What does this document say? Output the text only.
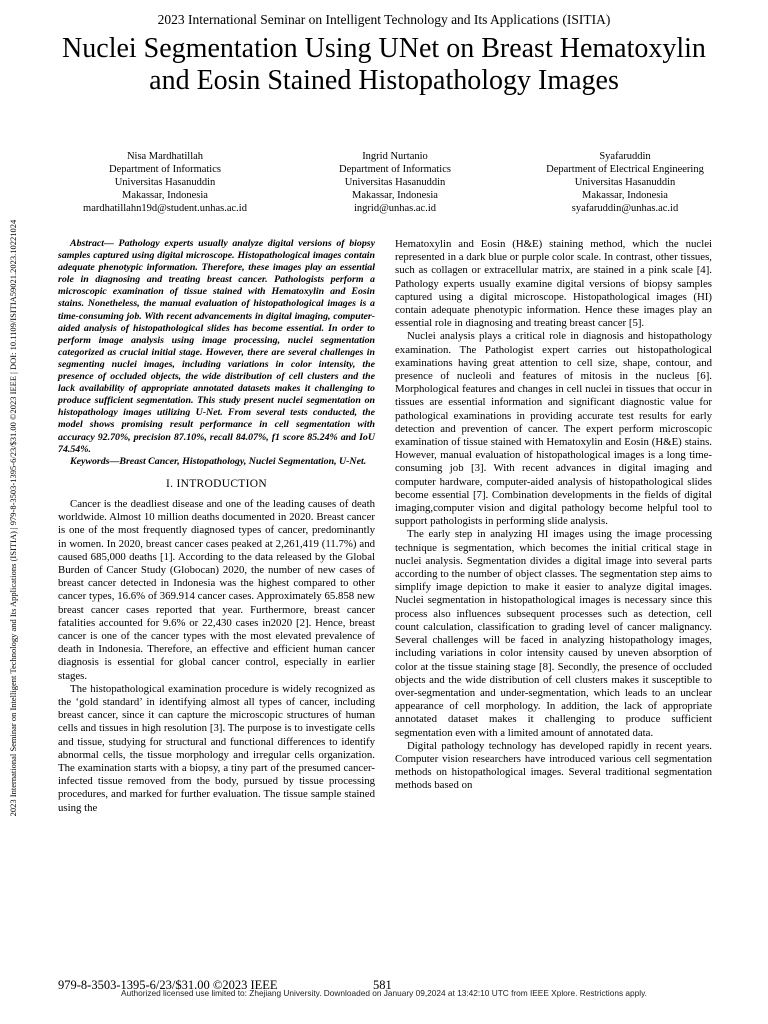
2023 International Seminar on Intelligent Technology and Its Applications (ISITIA)
Nuclei Segmentation Using UNet on Breast Hematoxylin and Eosin Stained Histopathology Images
Nisa Mardhatillah
Department of Informatics
Universitas Hasanuddin
Makassar, Indonesia
mardhatillahn19d@student.unhas.ac.id
Ingrid Nurtanio
Department of Informatics
Universitas Hasanuddin
Makassar, Indonesia
ingrid@unhas.ac.id
Syafaruddin
Department of Electrical Engineering
Universitas Hasanuddin
Makassar, Indonesia
syafaruddin@unhas.ac.id
2023 International Seminar on Intelligent Technology and Its Applications (ISITIA) | 979-8-3503-1395-6/23/$31.00 ©2023 IEEE | DOI: 10.1109/ISITIA59021.2023.10221024	Abstract— Pathology experts usually analyze digital versions of biopsy samples captured using digital microscope. Histopathological images contain adequate phenotypic information. Therefore, these images play an essential role in diagnosing and treating breast cancer. Pathologists perform a microscopic examination of tissue stained with Hematoxylin and Eosin stains. Nonetheless, the manual evaluation of histopathological images is a time-consuming job. With recent advancements in digital imaging, computer-aided analysis of histopathological slides has become essential. In order to perform image analysis using image processing, nuclei segmentation categorized as crucial initial stage. However, there are several challenges in segmenting nuclei images, including variations in color intensity, the presence of occluded objects, the wide distribution of cell clusters and the lack availability of appropriate annotated datasets makes it challenging to produce sufficient segmentation. This study present nuclei segmentation on histopathology images utilizing U-Net. From several tests conducted, the model shows promising result performance in cell segmentation with accuracy 92.70%, precision 87.10%, recall 84.07%, f1 score 85.24% and IoU 74.54%.

Keywords—Breast Cancer, Histopathology, Nuclei Segmentation, U-Net.

I. INTRODUCTION

Cancer is the deadliest disease and one of the leading causes of death worldwide. Almost 10 million deaths documented in 2020. Breast cancer is one of the most frequently diagnosed types of cancer, predominantly in women. In 2020, breast cancer cases peaked at 2,261,419 (11.7%) and caused 685,000 deaths [1]. According to the data released by the Global Burden of Cancer Study (Globocan) 2020, the number of new cases of breast cancer detected in Indonesia was the highest compared to other cancer types, 16.6% of 369.914 cancer cases. Approximately 65.858 new breast cancer cases reported that year. Furthermore, breast cancer fatalities accounted for 9.6% or 22,430 cases in2020 [2]. Hence, breast cancer is one of the cancer types with the most elevated prevalence of death in Indonesia. Therefore, an effective and efficient human cancer diagnosis is essential for global cancer control, especially in earlier stages.

The histopathological examination procedure is widely recognized as the ‘gold standard’ in identifying almost all types of cancer, including breast cancer, since it can capture the microscopic structures of human cells and tissues in high resolution [3]. The purpose is to investigate cells and tissue, studying for structural and functional differences to identify abnormal cells, the tissue morphology and irregular cells organization. The examination starts with a biopsy, a tiny part of the presumed cancer-infected tissue removed from the body, pursued by tissue processing procedures, and marked for further evaluation. The tissue sample stained using the

Hematoxylin and Eosin (H&E) staining method, which the nuclei represented in a dark blue or purple color scale. In contrast, other tissues, such as collagen or extracellular matrix, are stained in a pink scale [4]. Pathology experts usually examine digital versions of biopsy samples captured using a digital microscope. Histopathological images (HI) contain adequate phenotypic information. Hence these images play an essential role in diagnosing and treating breast cancer [5].

Nuclei analysis plays a critical role in diagnosis and histopathology examination. The Pathologist expert carries out histopathological examinations having great attention to cell size, shape, contour, and presence of nucleoli and features of mitosis in the nucleus [6]. Morphological features and changes in cell nuclei in tissues that occur in tissues are essential information and significant diagnostic value for pathological examinations in providing accurate test results for early detection and prevention of cancer. The expert perform microscopic examination of tissue stained with Hematoxylin and Eosin (H&E) stains. However, manual evaluation of histopathological images is a long time-consuming job [3]. With recent advances in digital imaging and computer hardware, computer-aided analysis of histopathological slides become essential [7]. Combination developments in the fields of digital imaging,computer vision and digital pathology become helpful tool to support pathologists in performing slide analysis.

The early step in analyzing HI images using the image processing technique is segmentation, which becomes the initial critical stage in nuclei analysis. Segmentation divides a digital image into several parts according to the number of object classes. The segmentation step aims to simplify image depiction to make it easier to analyze digital images. Nuclei segmentation in histopathological images is necessary since this process also influences subsequent processes such as detection, cell count calculation, classification to grading level of cancer malignancy. Several challenges will be faced in analyzing histopathology images, including variations in color intensity caused by uneven absorption of color at the tissue staining stage [8]. Secondly, the presence of occluded objects and the wide distribution of cell clusters makes it susceptible to over-segmentation and under-segmentation, which leads to an unclear appearance of cell morphology. In addition, the lack of appropriate annotated dataset makes it challenging to produce sufficient segmentation even with a limited amount of annotated data.

Digital pathology technology has developed rapidly in recent years. Computer vision researchers have introduced various cell segmentation methods on histopathological images. Several traditional segmentation methods based on

979-8-3503-1395-6/23/$31.00 ©2023 IEEE	581
Authorized licensed use limited to: Zhejiang University. Downloaded on January 09,2024 at 13:42:10 UTC from IEEE Xplore. Restrictions apply.
